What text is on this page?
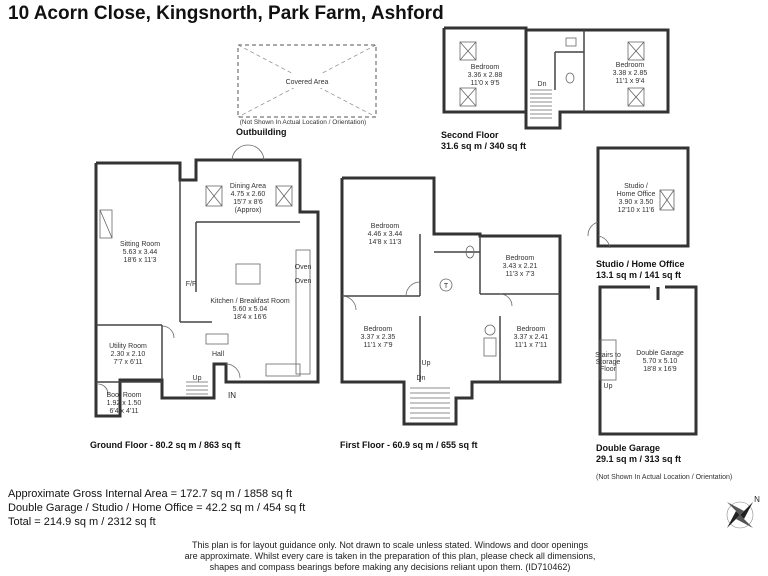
10 Acorn Close, Kingsnorth, Park Farm, Ashford
Covered Area
(Not Shown In Actual Location / Orientation)
Bedroom
3.36 x 2.88
11'0 x 9'5
Bedroom
3.38 x 2.85
11'1 x 9'4
Dn
Dining Area
4.75 x 2.60
15'7 x 8'6
(Approx)
Sitting Room
5.63 x 3.44
18'6 x 11'3
Kitchen / Breakfast Room
5.60 x 5.04
18'4 x 16'6
Utility Room
2.30 x 2.10
7'7 x 6'11
Boot Room
1.92 x 1.50
6'4 x 4'11
Hall
F/F
Oven
Oven
Up
IN
Bedroom
4.46 x 3.44
14'8 x 11'3
Bedroom
3.43 x 2.21
11'3 x 7'3
Bedroom
3.37 x 2.35
11'1 x 7'9
Bedroom
3.37 x 2.41
11'1 x 7'11
T
Up
Dn
Studio /
Home Office
3.90 x 3.50
12'10 x 11'6
Stairs to
Storage
Floor
Up
Double Garage
5.70 x 5.10
18'8 x 16'9
N
Outbuilding	Second Floor
31.6 sq m / 340 sq ft
Ground Floor - 80.2 sq m / 863 sq ft	First Floor - 60.9 sq m / 655 sq ft
Studio / Home Office
13.1 sq m / 141 sq ft
Double Garage
29.1 sq m / 313 sq ft
(Not Shown In Actual Location / Orientation)
Approximate Gross Internal Area = 172.7 sq m / 1858 sq ft
Double Garage / Studio / Home Office = 42.2 sq m / 454 sq ft
Total = 214.9 sq m / 2312 sq ft
This plan is for layout guidance only. Not drawn to scale unless stated. Windows and door openings
are approximate. Whilst every care is taken in the preparation of this plan, please check all dimensions,
shapes and compass bearings before making any decisions reliant upon them. (ID710462)
